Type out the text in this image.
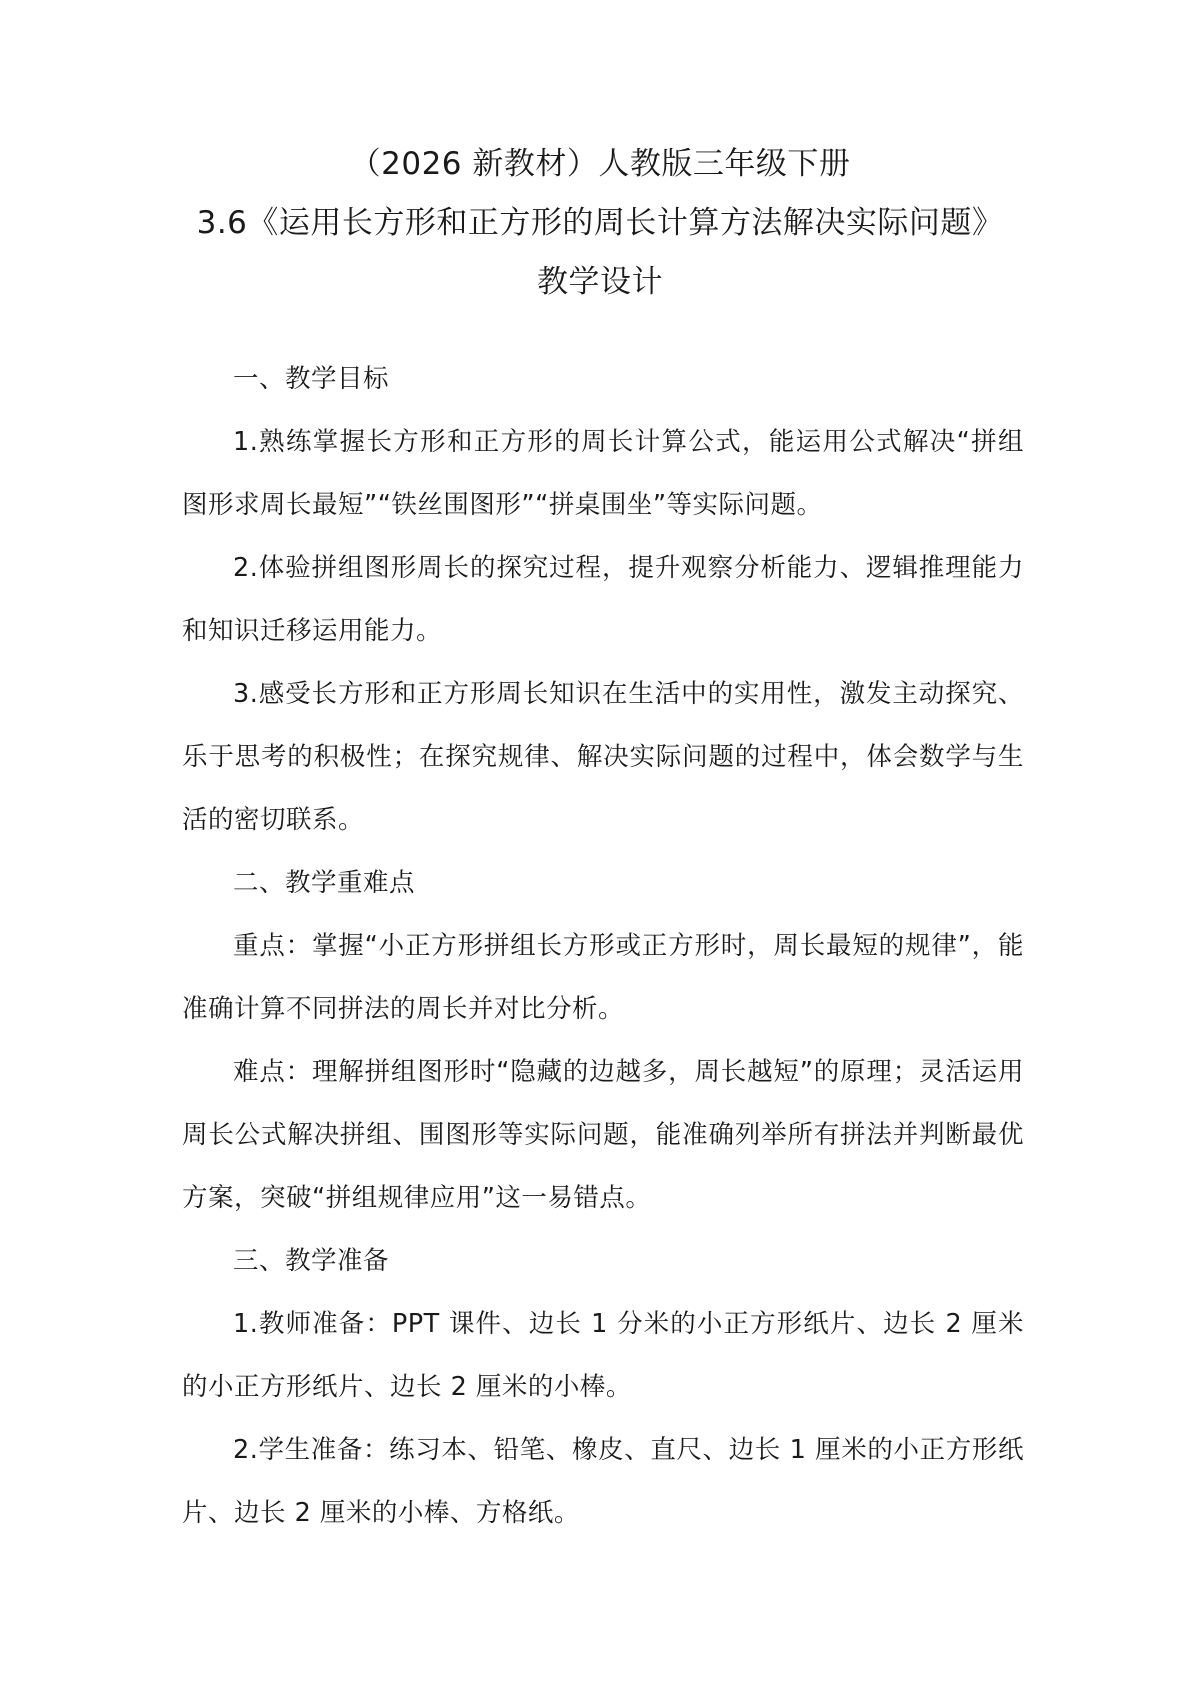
（2026 新教材）人教版三年级下册
3.6《运用长方形和正方形的周长计算方法解决实际问题》
教学设计

一、教学目标

1.熟练掌握长方形和正方形的周长计算公式，能运用公式解决“拼组图形求周长最短”“铁丝围图形”“拼桌围坐”等实际问题。

2.体验拼组图形周长的探究过程，提升观察分析能力、逻辑推理能力和知识迁移运用能力。

3.感受长方形和正方形周长知识在生活中的实用性，激发主动探究、乐于思考的积极性；在探究规律、解决实际问题的过程中，体会数学与生活的密切联系。

二、教学重难点

重点：掌握“小正方形拼组长方形或正方形时，周长最短的规律”，能准确计算不同拼法的周长并对比分析。

难点：理解拼组图形时“隐藏的边越多，周长越短”的原理；灵活运用周长公式解决拼组、围图形等实际问题，能准确列举所有拼法并判断最优方案，突破“拼组规律应用”这一易错点。

三、教学准备

1.教师准备：PPT 课件、边长 1 分米的小正方形纸片、边长 2 厘米的小正方形纸片、边长 2 厘米的小棒。

2.学生准备：练习本、铅笔、橡皮、直尺、边长 1 厘米的小正方形纸片、边长 2 厘米的小棒、方格纸。
